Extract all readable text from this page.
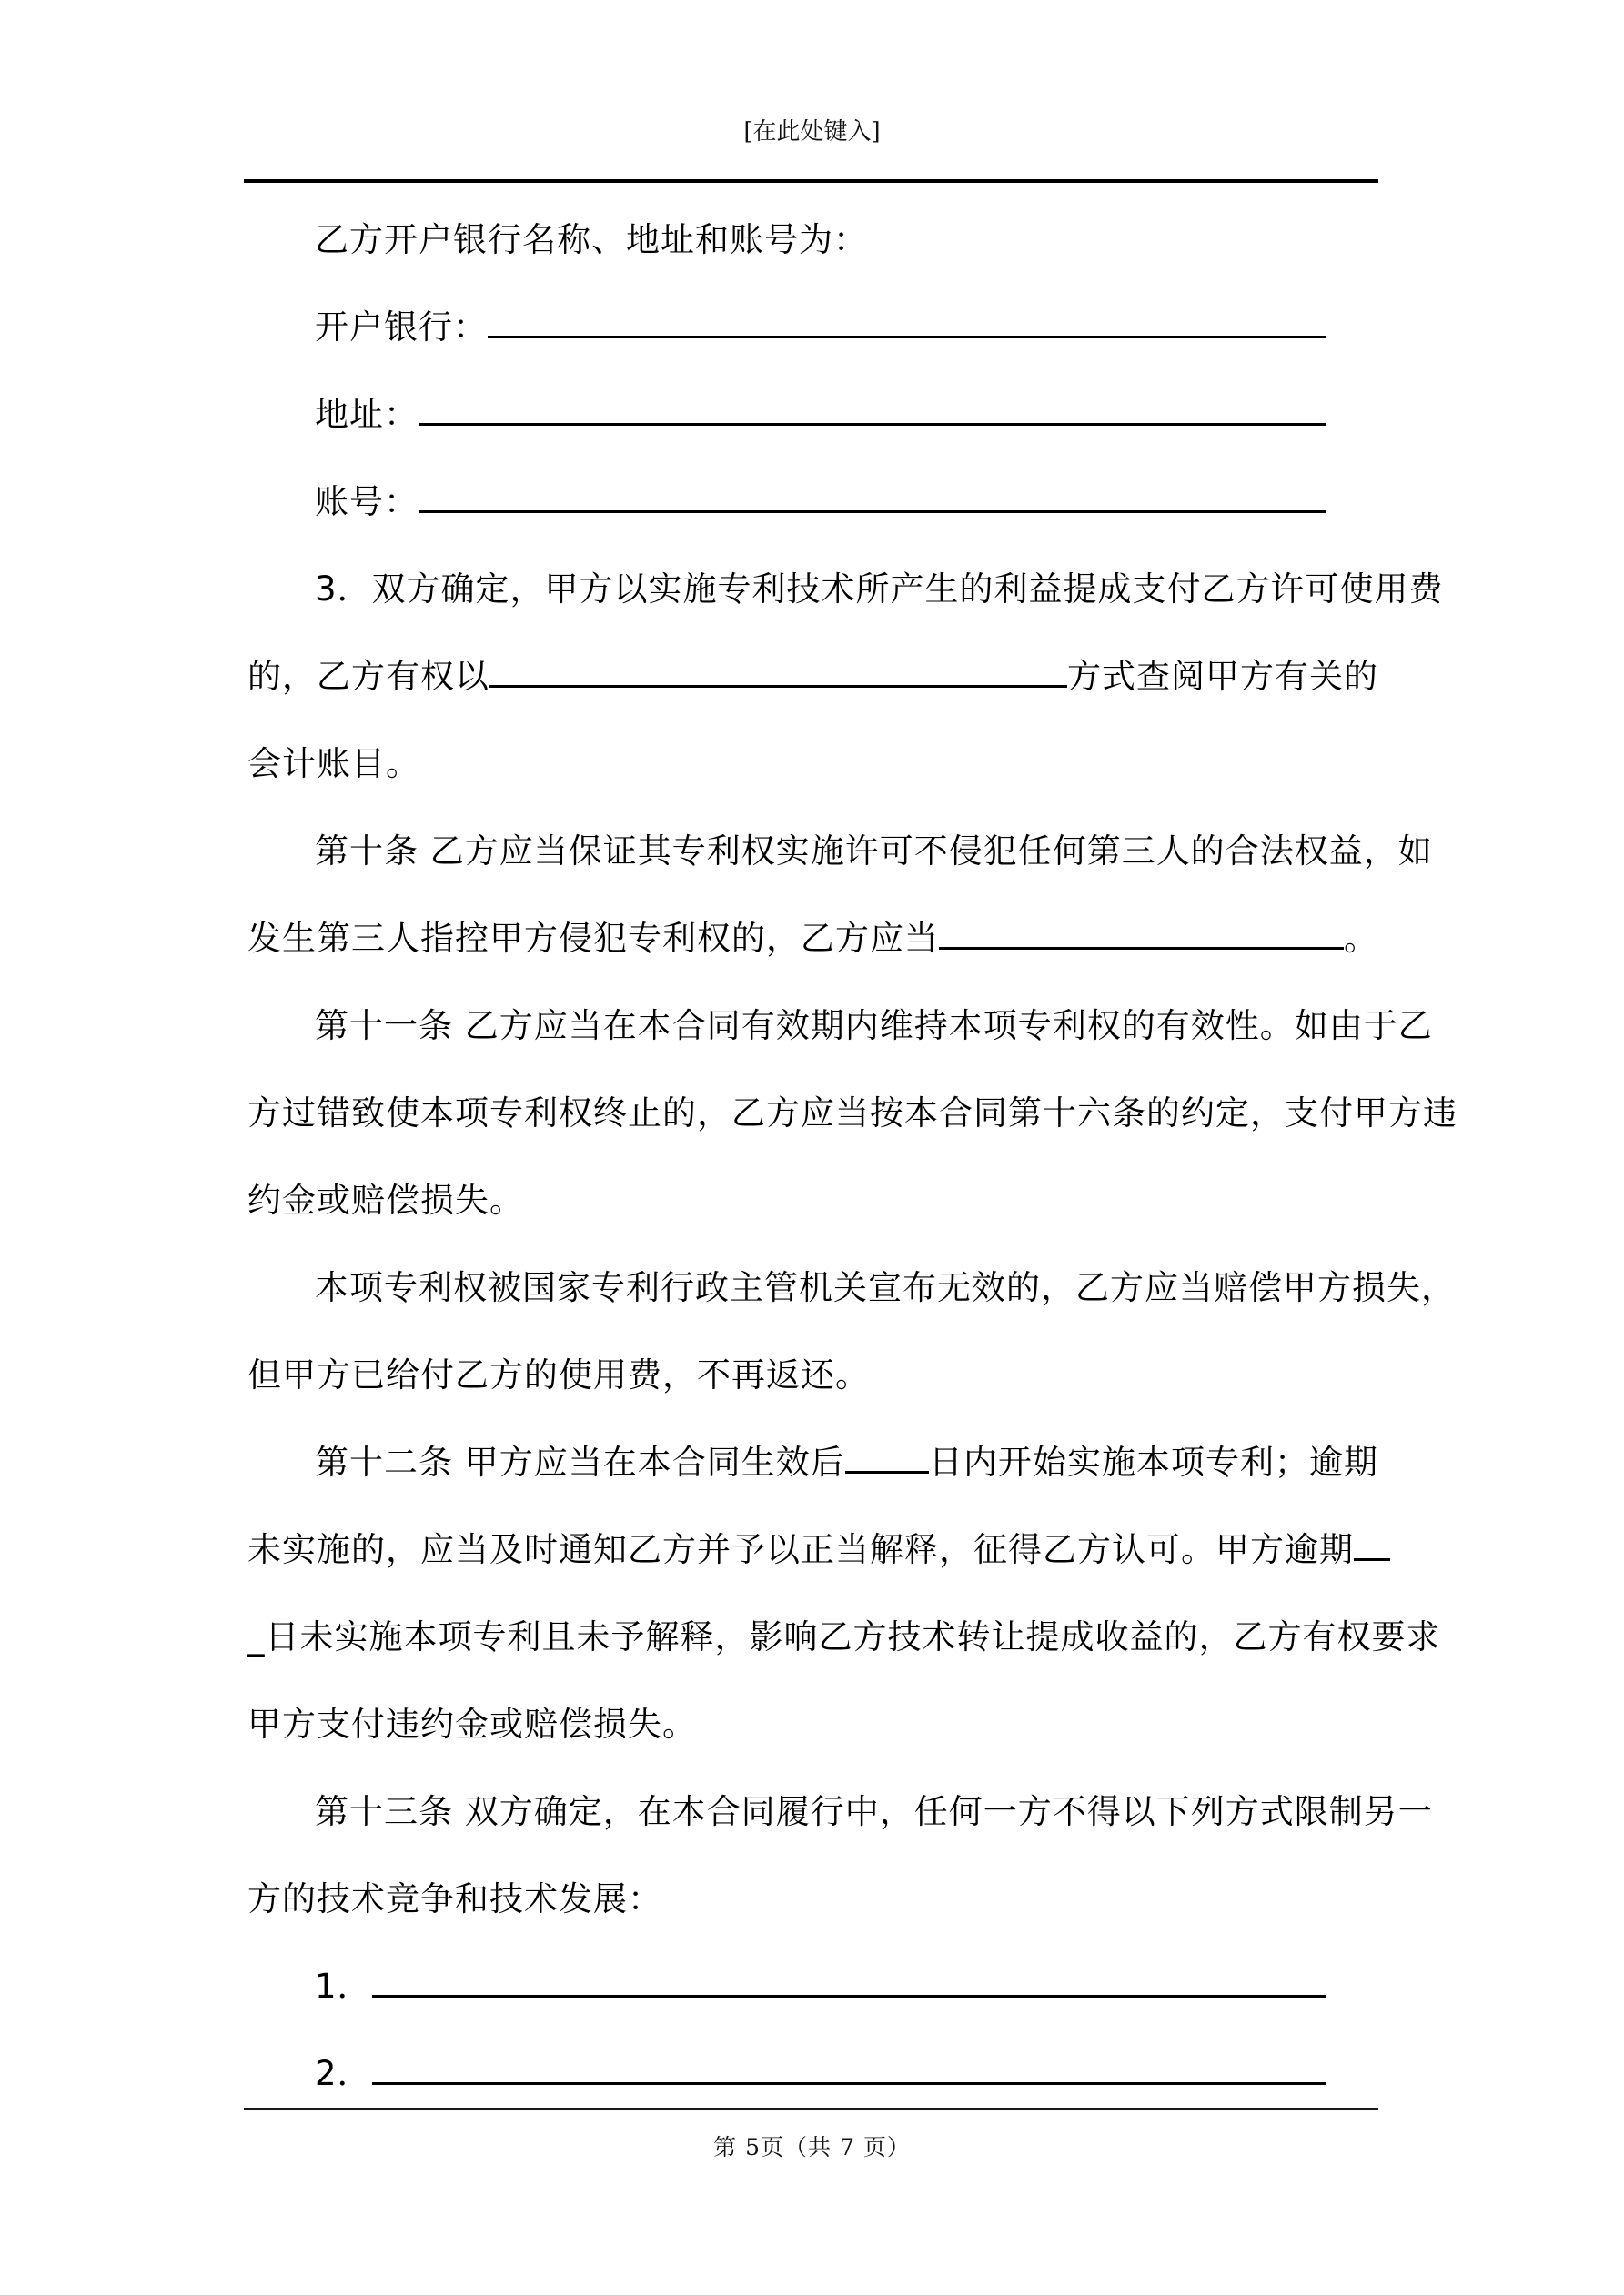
[在此处键入]
乙方开户银行名称、地址和账号为：
开户银行：
地址：
账号：
3．双方确定，甲方以实施专利技术所产生的利益提成支付乙方许可使用费
的，乙方有权以	方式查阅甲方有关的
会计账目。
第十条 乙方应当保证其专利权实施许可不侵犯任何第三人的合法权益，如
发生第三人指控甲方侵犯专利权的，乙方应当	。
第十一条 乙方应当在本合同有效期内维持本项专利权的有效性。如由于乙
方过错致使本项专利权终止的，乙方应当按本合同第十六条的约定，支付甲方违
约金或赔偿损失。
本项专利权被国家专利行政主管机关宣布无效的，乙方应当赔偿甲方损失，
但甲方已给付乙方的使用费，不再返还。
第十二条 甲方应当在本合同生效后 日内开始实施本项专利；逾期
未实施的，应当及时通知乙方并予以正当解释，征得乙方认可。甲方逾期
_日未实施本项专利且未予解释，影响乙方技术转让提成收益的，乙方有权要求
甲方支付违约金或赔偿损失。
第十三条 双方确定，在本合同履行中，任何一方不得以下列方式限制另一
方的技术竞争和技术发展：
1．
2．
第 5页（共 7 页）
